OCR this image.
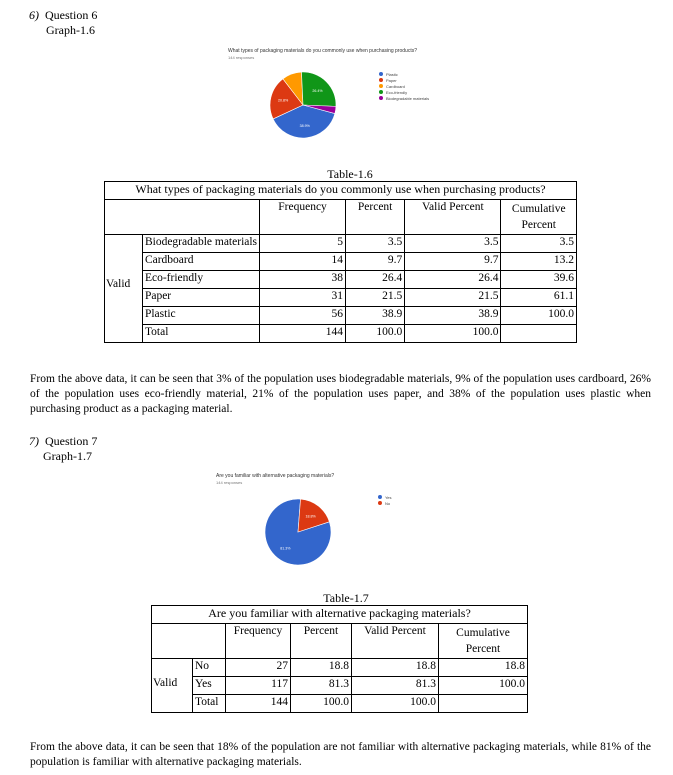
6) Question 6
Graph-1.6
What types of packaging materials do you commonly use when purchasing products?
144 responses
38.9%
20.8%
26.4%
Plastic
Paper
Cardboard
Eco-friendly
Biodegradable materials
Table-1.6
What types of packaging materials do you commonly use when purchasing products?					
		Frequency	Percent	Valid Percent	Cumulative Percent
	Biodegradable materials	5	3.5	3.5	3.5
	Cardboard	14	9.7	9.7	13.2
	Eco-friendly	38	26.4	26.4	39.6
	Paper	31	21.5	21.5	61.1
	Plastic	56	38.9	38.9	100.0
	Total	144	100.0	100.0	
Valid
From the above data, it can be seen that 3% of the population uses biodegradable materials, 9% of the population uses cardboard, 26% of the population uses eco-friendly material, 21% of the population uses paper, and 38% of the population uses plastic when purchasing product as a packaging material.
7) Question 7
Graph-1.7
Are you familiar with alternative packaging materials?
144 responses
81.3%
18.8%
Yes
No
Table-1.7
Are you familiar with alternative packaging materials?					
		Frequency	Percent	Valid Percent	Cumulative Percent
	No	27	18.8	18.8	18.8
	Yes	117	81.3	81.3	100.0
	Total	144	100.0	100.0	
Valid
From the above data, it can be seen that 18% of the population are not familiar with alternative packaging materials, while 81% of the population is familiar with alternative packaging materials.
